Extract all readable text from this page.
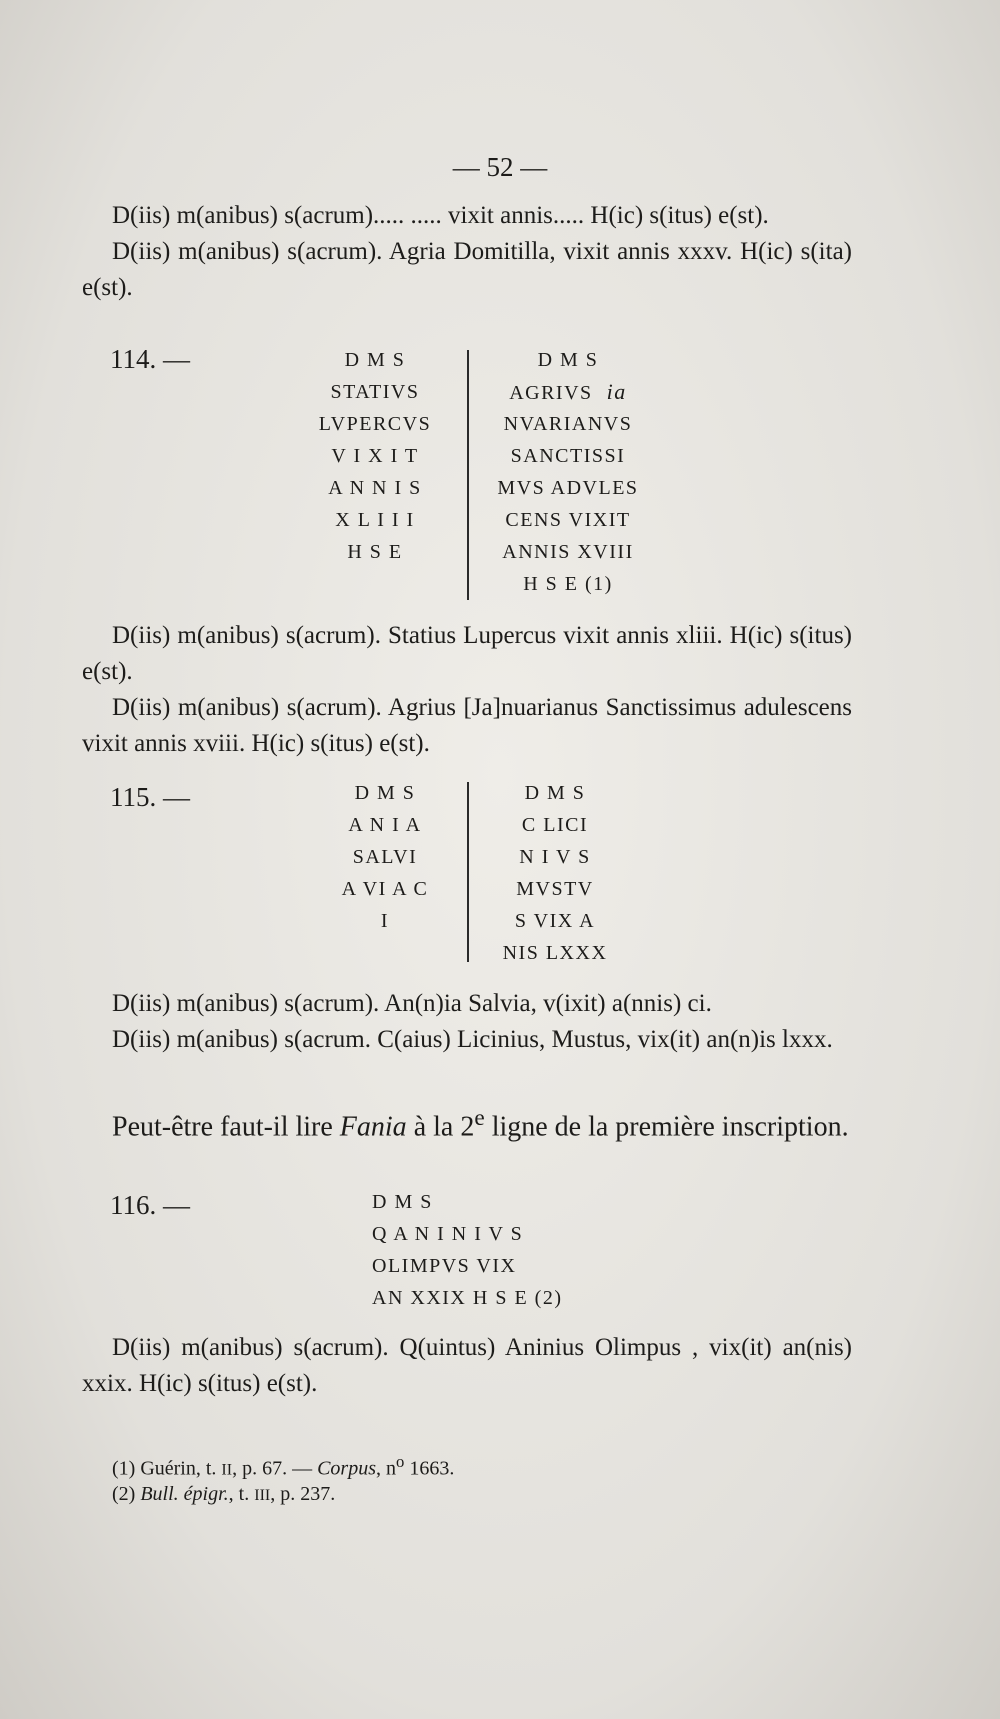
— 52 —
D(iis) m(anibus) s(acrum)..... ..... vixit annis..... H(ic) s(itus) e(st).
D(iis) m(anibus) s(acrum). Agria Domitilla, vixit annis xxxv. H(ic) s(ita) e(st).
114. —	D M S
STATIVS
LVPERCVS
V I X I T
A N N I S
X L I I I
H S E
D M S
AGRIVS ia
NVARIANVS
SANCTISSI
MVS ADVLES
CENS VIXIT
ANNIS XVIII
H S E (1)
D(iis) m(anibus) s(acrum). Statius Lupercus vixit annis xliii. H(ic) s(itus) e(st).
D(iis) m(anibus) s(acrum). Agrius [Ja]nuarianus Sanctissimus adulescens vixit annis xviii. H(ic) s(itus) e(st).
115. —	D M S
A N I A
SALVI
A VI A C
I
D M S
C LICI
N I V S
MVSTV
S VIX A
NIS LXXX
D(iis) m(anibus) s(acrum). An(n)ia Salvia, v(ixit) a(nnis) ci.
D(iis) m(anibus) s(acrum. C(aius) Licinius, Mustus, vix(it) an(n)is lxxx.
Peut-être faut-il lire Fania à la 2e ligne de la première inscription.
116. —	D M S
Q A N I N I V S
OLIMPVS VIX
AN XXIX H S E (2)
D(iis) m(anibus) s(acrum). Q(uintus) Aninius Olimpus , vix(it) an(nis) xxix. H(ic) s(itus) e(st).
(1) Guérin, t. II, p. 67. — Corpus, $n^o$ 1663.
(2) Bull. épigr., t. III, p. 237.
